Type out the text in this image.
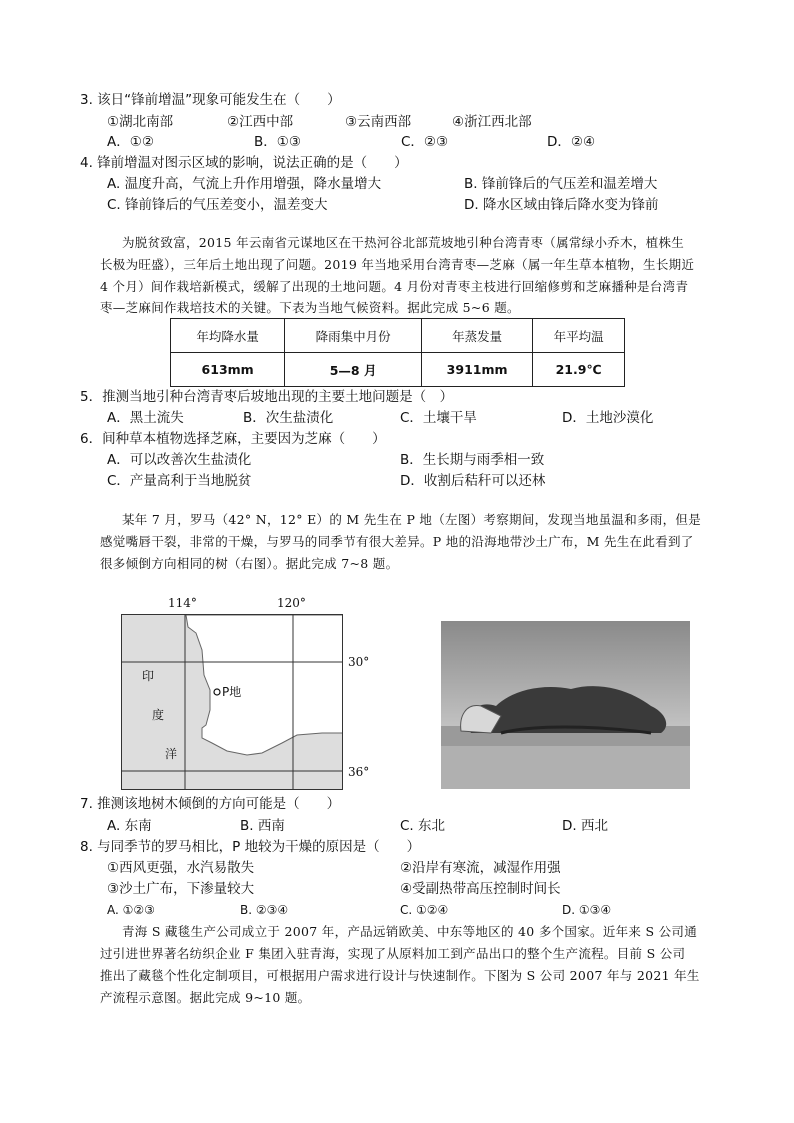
3. 该日“锋前增温”现象可能发生在（　　）
①湖北南部	②江西中部	③云南西部	④浙江西北部
A．①②	B．①③	C．②③	D．②④
4. 锋前增温对图示区域的影响，说法正确的是（　　）
A. 温度升高，气流上升作用增强，降水量增大	B. 锋前锋后的气压差和温差增大
C. 锋前锋后的气压差变小，温差变大	D. 降水区域由锋后降水变为锋前
为脱贫致富，2015 年云南省元谋地区在干热河谷北部荒坡地引种台湾青枣（属常绿小乔木，植株生
长极为旺盛），三年后土地出现了问题。2019 年当地采用台湾青枣—芝麻（属一年生草本植物，生长期近
4 个月）间作栽培新模式，缓解了出现的土地问题。4 月份对青枣主枝进行回缩修剪和芝麻播种是台湾青
枣—芝麻间作栽培技术的关键。下表为当地气候资料。据此完成 5~6 题。
年均降水量	降雨集中月份	年蒸发量	年平均温
613mm	5—8 月	3911mm	21.9℃
5．推测当地引种台湾青枣后坡地出现的主要土地问题是（　）
A．黑土流失	B．次生盐渍化	C．土壤干旱	D．土地沙漠化
6．间种草本植物选择芝麻，主要因为芝麻（　　）
A．可以改善次生盐渍化	B．生长期与雨季相一致
C．产量高利于当地脱贫	D．收割后秸秆可以还林
某年 7 月，罗马（42° N，12° E）的 M 先生在 P 地（左图）考察期间，发现当地虽温和多雨，但是
感觉嘴唇干裂，非常的干燥，与罗马的同季节有很大差异。P 地的沿海地带沙土广布，M 先生在此看到了
很多倾倒方向相同的树（右图）。据此完成 7~8 题。
114°	120°
30°
36°
P地
印
度
洋
7. 推测该地树木倾倒的方向可能是（　　）
A. 东南	B. 西南	C. 东北	D. 西北
8. 与同季节的罗马相比，P 地较为干燥的原因是（　　）
①西风更强，水汽易散失	②沿岸有寒流，减湿作用强
③沙土广布，下渗量较大	④受副热带高压控制时间长
A. ①②③	B. ②③④	C. ①②④	D. ①③④
青海 S 藏毯生产公司成立于 2007 年，产品远销欧美、中东等地区的 40 多个国家。近年来 S 公司通
过引进世界著名纺织企业 F 集团入驻青海，实现了从原料加工到产品出口的整个生产流程。目前 S 公司
推出了藏毯个性化定制项目，可根据用户需求进行设计与快速制作。下图为 S 公司 2007 年与 2021 年生
产流程示意图。据此完成 9~10 题。
